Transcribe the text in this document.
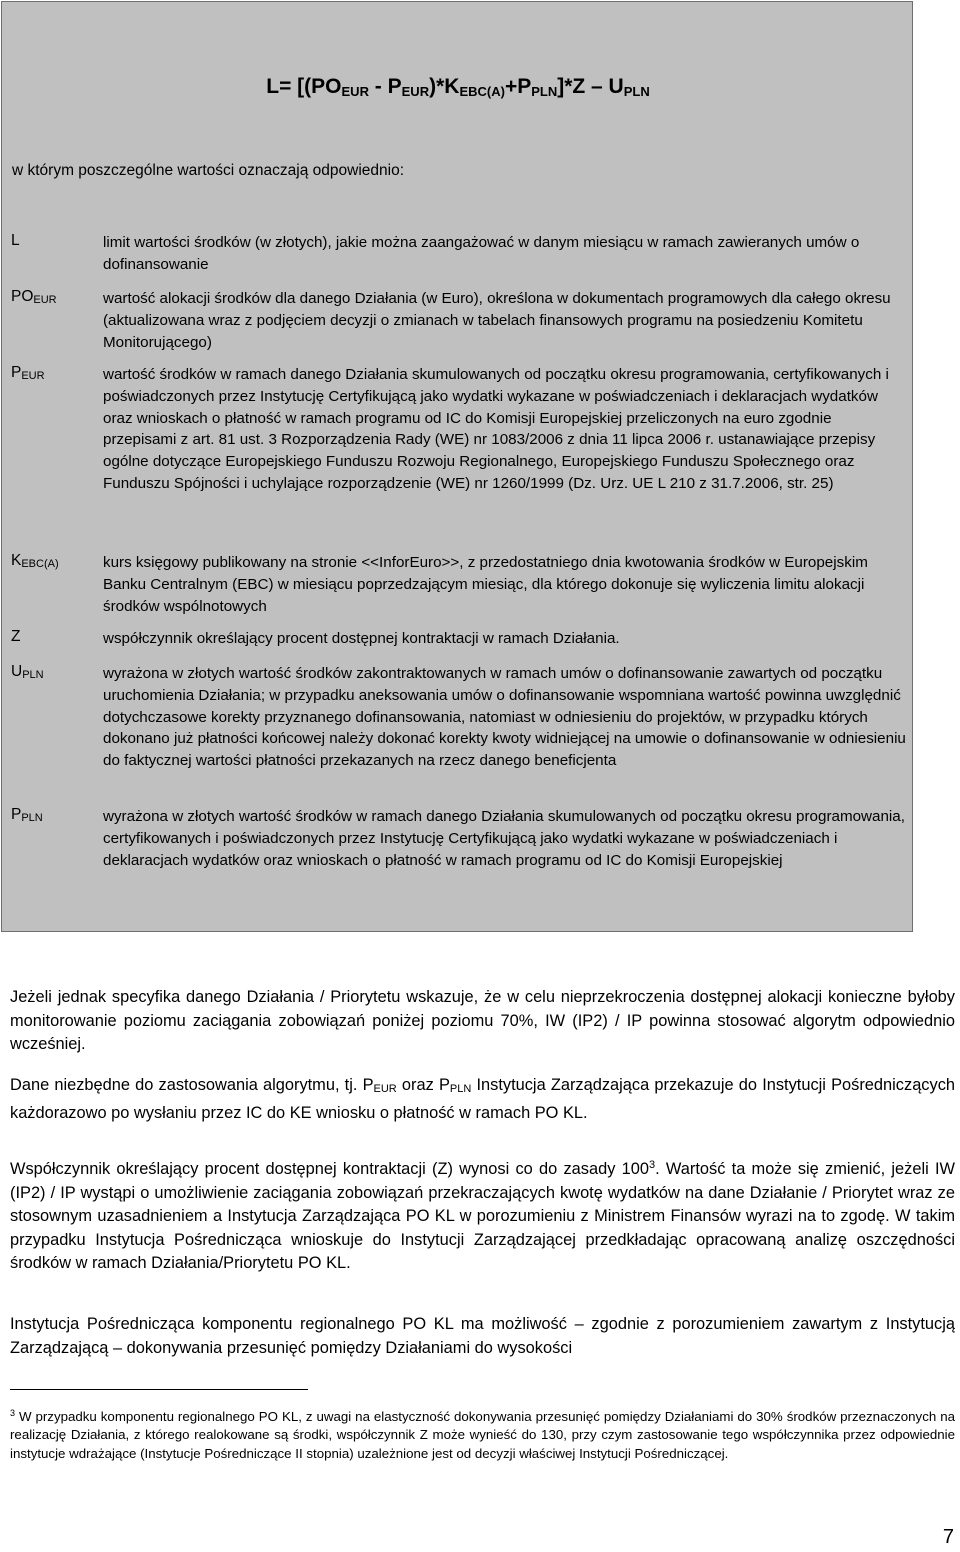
$L= [(PO_{EUR} - P_{EUR})*K_{EBC(A)}+P_{PLN}]*Z - U_{PLN}$
w którym poszczególne wartości oznaczają odpowiednio:
L	limit wartości środków (w złotych), jakie można zaangażować w danym miesiącu w ramach zawieranych umów o dofinansowanie
$PO_{EUR}$	wartość alokacji środków dla danego Działania (w Euro), określona w dokumentach programowych dla całego okresu (aktualizowana wraz z podjęciem decyzji o zmianach w tabelach finansowych programu na posiedzeniu Komitetu Monitorującego)
$P_{EUR}$	wartość środków w ramach danego Działania skumulowanych od początku okresu programowania, certyfikowanych i poświadczonych przez Instytucję Certyfikującą jako wydatki wykazane w poświadczeniach i deklaracjach wydatków oraz wnioskach o płatność w ramach programu od IC do Komisji Europejskiej przeliczonych na euro zgodnie przepisami z art. 81 ust. 3 Rozporządzenia Rady (WE) nr 1083/2006 z dnia 11 lipca 2006 r. ustanawiające przepisy ogólne dotyczące Europejskiego Funduszu Rozwoju Regionalnego, Europejskiego Funduszu Społecznego oraz Funduszu Spójności i uchylające rozporządzenie (WE) nr 1260/1999 (Dz. Urz. UE L 210 z 31.7.2006, str. 25)
$K_{EBC(A)}$	kurs księgowy publikowany na stronie <<InforEuro>>, z przedostatniego dnia kwotowania środków w Europejskim Banku Centralnym (EBC) w miesiącu poprzedzającym miesiąc, dla którego dokonuje się wyliczenia limitu alokacji środków wspólnotowych
Z	współczynnik określający procent dostępnej kontraktacji w ramach Działania.
$U_{PLN}$	wyrażona w złotych wartość środków zakontraktowanych w ramach umów o dofinansowanie zawartych od początku uruchomienia Działania; w przypadku aneksowania umów o dofinansowanie wspomniana wartość powinna uwzględnić dotychczasowe korekty przyznanego dofinansowania, natomiast w odniesieniu do projektów, w przypadku których dokonano już płatności końcowej należy dokonać korekty kwoty widniejącej na umowie o dofinansowanie w odniesieniu do faktycznej wartości płatności przekazanych na rzecz danego beneficjenta
$P_{PLN}$	wyrażona w złotych wartość środków w ramach danego Działania skumulowanych od początku okresu programowania, certyfikowanych i poświadczonych przez Instytucję Certyfikującą jako wydatki wykazane w poświadczeniach i deklaracjach wydatków oraz wnioskach o płatność w ramach programu od IC do Komisji Europejskiej
Jeżeli jednak specyfika danego Działania / Priorytetu wskazuje, że w celu nieprzekroczenia dostępnej alokacji konieczne byłoby monitorowanie poziomu zaciągania zobowiązań poniżej poziomu 70%, IW (IP2) / IP powinna stosować algorytm odpowiednio wcześniej.
Dane niezbędne do zastosowania algorytmu, tj. $P_{EUR}$ oraz $P_{PLN}$ Instytucja Zarządzająca przekazuje do Instytucji Pośredniczących każdorazowo po wysłaniu przez IC do KE wniosku o płatność w ramach PO KL.
Współczynnik określający procent dostępnej kontraktacji (Z) wynosi co do zasady $100^3$. Wartość ta może się zmienić, jeżeli IW (IP2) / IP wystąpi o umożliwienie zaciągania zobowiązań przekraczających kwotę wydatków na dane Działanie / Priorytet wraz ze stosownym uzasadnieniem a Instytucja Zarządzająca PO KL w porozumieniu z Ministrem Finansów wyrazi na to zgodę. W takim przypadku Instytucja Pośrednicząca wnioskuje do Instytucji Zarządzającej przedkładając opracowaną analizę oszczędności środków w ramach Działania/Priorytetu PO KL.
Instytucja Pośrednicząca komponentu regionalnego PO KL ma możliwość – zgodnie z porozumieniem zawartym z Instytucją Zarządzającą – dokonywania przesunięć pomiędzy Działaniami do wysokości
$^3$ W przypadku komponentu regionalnego PO KL, z uwagi na elastyczność dokonywania przesunięć pomiędzy Działaniami do 30% środków przeznaczonych na realizację Działania, z którego realokowane są środki, współczynnik Z może wynieść do 130, przy czym zastosowanie tego współczynnika przez odpowiednie instytucje wdrażające (Instytucje Pośredniczące II stopnia) uzależnione jest od decyzji właściwej Instytucji Pośredniczącej.
7
